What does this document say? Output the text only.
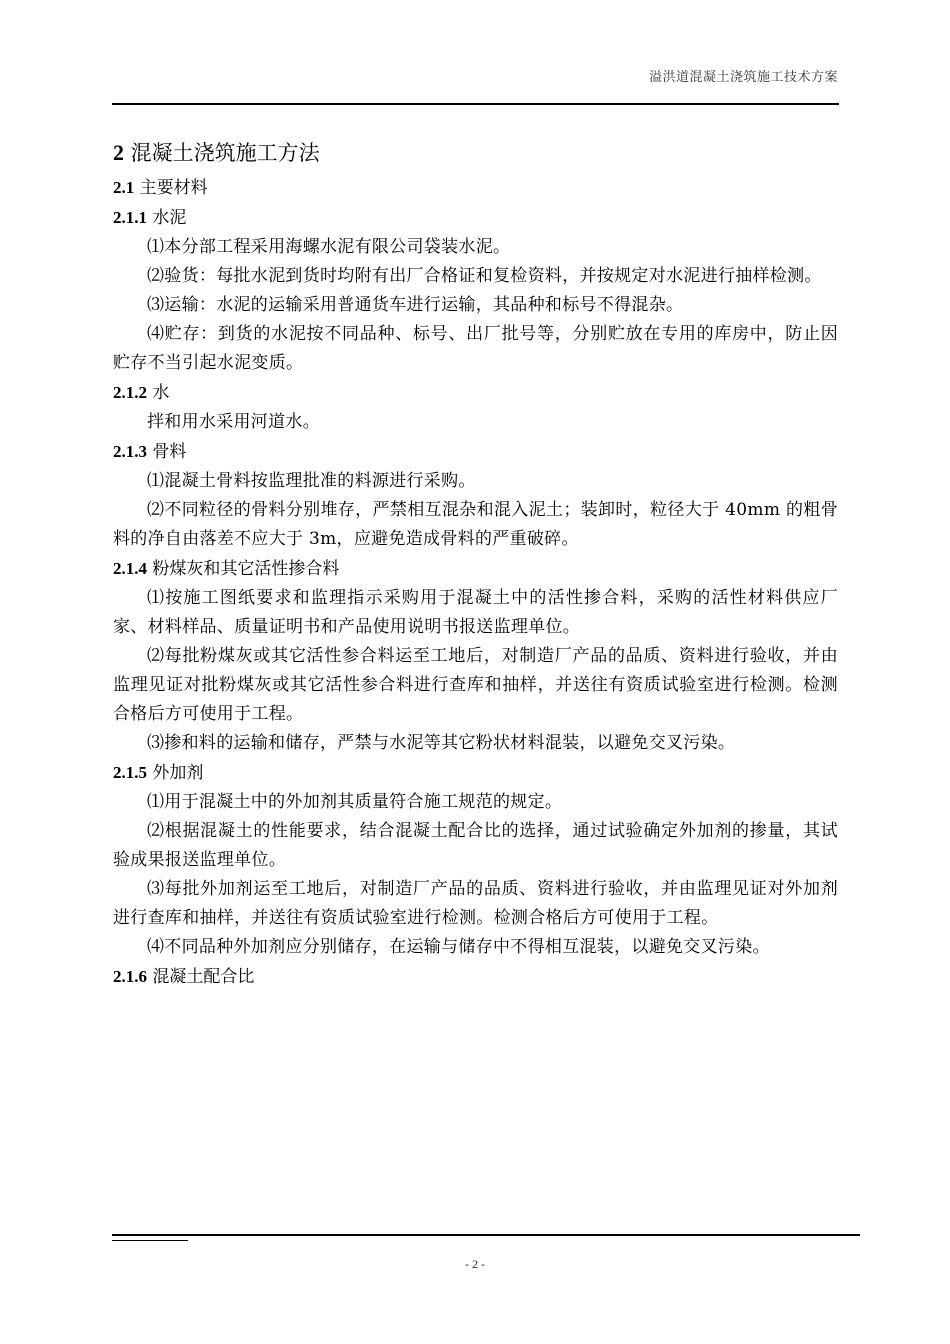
溢洪道混凝土浇筑施工技术方案
2 混凝土浇筑施工方法
2.1 主要材料
2.1.1 水泥

⑴本分部工程采用海螺水泥有限公司袋装水泥。

⑵验货：每批水泥到货时均附有出厂合格证和复检资料，并按规定对水泥进行抽样检测。

⑶运输：水泥的运输采用普通货车进行运输，其品种和标号不得混杂。

⑷贮存：到货的水泥按不同品种、标号、出厂批号等，分别贮放在专用的库房中，防止因贮存不当引起水泥变质。

2.1.2 水

拌和用水采用河道水。

2.1.3 骨料

⑴混凝土骨料按监理批准的料源进行采购。

⑵不同粒径的骨料分别堆存，严禁相互混杂和混入泥土；装卸时，粒径大于 40mm 的粗骨料的净自由落差不应大于 3m，应避免造成骨料的严重破碎。

2.1.4 粉煤灰和其它活性掺合料

⑴按施工图纸要求和监理指示采购用于混凝土中的活性掺合料，采购的活性材料供应厂家、材料样品、质量证明书和产品使用说明书报送监理单位。

⑵每批粉煤灰或其它活性参合料运至工地后，对制造厂产品的品质、资料进行验收，并由监理见证对批粉煤灰或其它活性参合料进行查库和抽样，并送往有资质试验室进行检测。检测合格后方可使用于工程。

⑶掺和料的运输和储存，严禁与水泥等其它粉状材料混装，以避免交叉污染。

2.1.5 外加剂

⑴用于混凝土中的外加剂其质量符合施工规范的规定。

⑵根据混凝土的性能要求，结合混凝土配合比的选择，通过试验确定外加剂的掺量，其试验成果报送监理单位。

⑶每批外加剂运至工地后，对制造厂产品的品质、资料进行验收，并由监理见证对外加剂进行查库和抽样，并送往有资质试验室进行检测。检测合格后方可使用于工程。

⑷不同品种外加剂应分别储存，在运输与储存中不得相互混装，以避免交叉污染。

2.1.6 混凝土配合比
- 2 -
